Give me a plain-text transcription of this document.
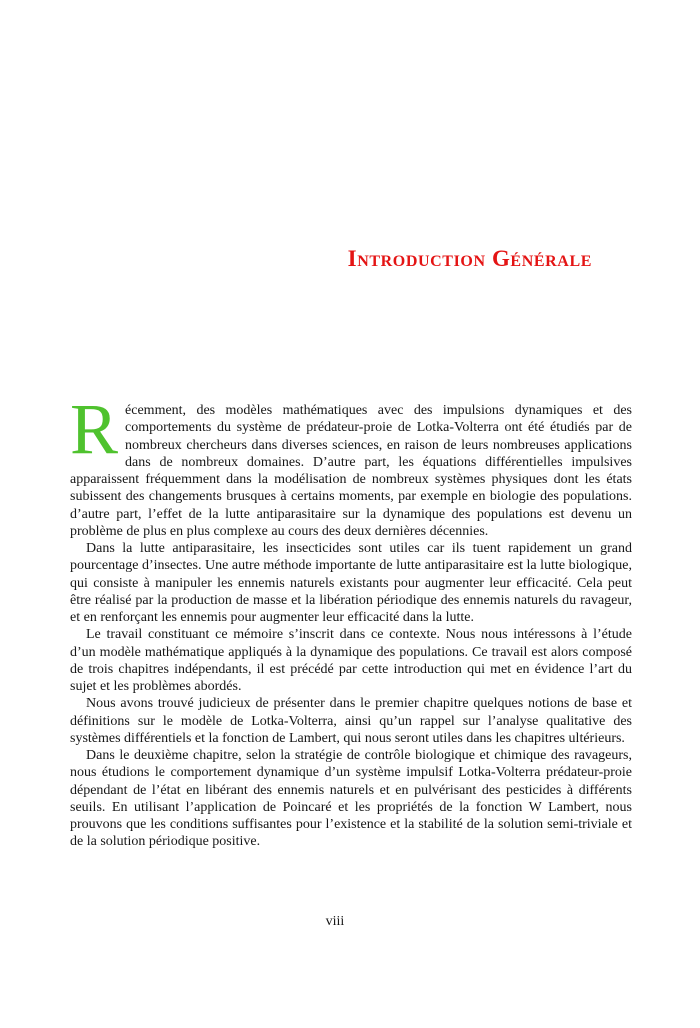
Introduction Générale

Récemment, des modèles mathématiques avec des impulsions dynamiques et des comportements du système de prédateur-proie de Lotka-Volterra ont été étudiés par de nombreux chercheurs dans diverses sciences, en raison de leurs nombreuses applications dans de nombreux domaines. D’autre part, les équations différentielles impulsives apparaissent fréquemment dans la modélisation de nombreux systèmes physiques dont les états subissent des changements brusques à certains moments, par exemple en biologie des populations. d’autre part, l’effet de la lutte antiparasitaire sur la dynamique des populations est devenu un problème de plus en plus complexe au cours des deux dernières décennies.

Dans la lutte antiparasitaire, les insecticides sont utiles car ils tuent rapidement un grand pourcentage d’insectes. Une autre méthode importante de lutte antiparasitaire est la lutte biologique, qui consiste à manipuler les ennemis naturels existants pour augmenter leur efficacité. Cela peut être réalisé par la production de masse et la libération périodique des ennemis naturels du ravageur, et en renforçant les ennemis pour augmenter leur efficacité dans la lutte.

Le travail constituant ce mémoire s’inscrit dans ce contexte. Nous nous intéressons à l’étude d’un modèle mathématique appliqués à la dynamique des populations. Ce travail est alors composé de trois chapitres indépendants, il est précédé par cette introduction qui met en évidence l’art du sujet et les problèmes abordés.

Nous avons trouvé judicieux de présenter dans le premier chapitre quelques notions de base et définitions sur le modèle de Lotka-Volterra, ainsi qu’un rappel sur l’analyse qualitative des systèmes différentiels et la fonction de Lambert, qui nous seront utiles dans les chapitres ultérieurs.

Dans le deuxième chapitre, selon la stratégie de contrôle biologique et chimique des ravageurs, nous étudions le comportement dynamique d’un système impulsif Lotka-Volterra prédateur-proie dépendant de l’état en libérant des ennemis naturels et en pulvérisant des pesticides à différents seuils. En utilisant l’application de Poincaré et les propriétés de la fonction W Lambert, nous prouvons que les conditions suffisantes pour l’existence et la stabilité de la solution semi-triviale et de la solution périodique positive.

viii
